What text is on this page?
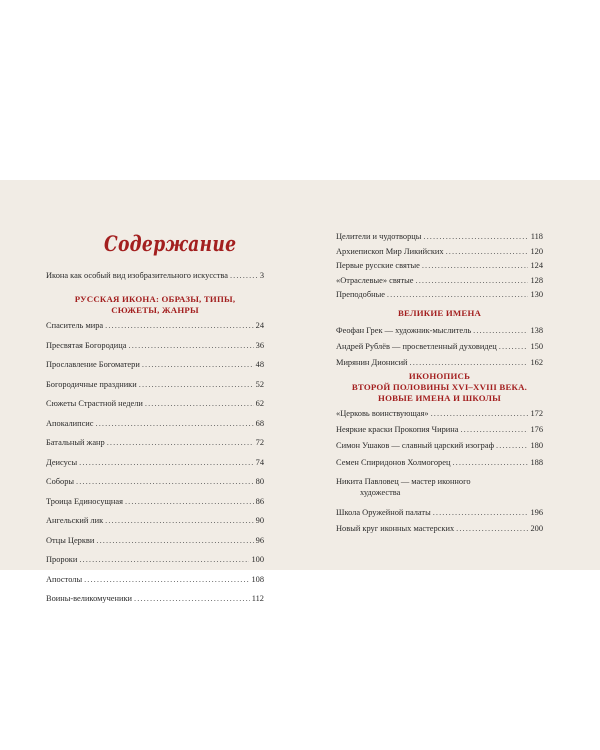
Содержание
Икона как особый вид изобразительного искусства . . .	3
РУССКАЯ ИКОНА: ОБРАЗЫ, ТИПЫ,
СЮЖЕТЫ, ЖАНРЫ
Спаситель мира . . .	24
Пресвятая Богородица . . .	36
Прославление Богоматери . . .	48
Богородичные праздники . . .	52
Сюжеты Страстной недели . . .	62
Апокалипсис . . .	68
Батальный жанр . . .	72
Деисусы . . .	74
Соборы . . .	80
Троица Единосущная . . .	86
Ангельский лик . . .	90
Отцы Церкви . . .	96
Пророки . . .	100
Апостолы . . .	108
Воины-великомученики . . .	112
Целители и чудотворцы . . .	118
Архиепископ Мир Ликийских . . .	120
Первые русские святые . . .	124
«Отраслевые» святые . . .	128
Преподобные . . .	130
ВЕЛИКИЕ ИМЕНА
Феофан Грек — художник-мыслитель . . .	138
Андрей Рублёв — просветленный духовидец . . .	150
Мирянин Дионисий . . .	162
ИКОНОПИСЬ
ВТОРОЙ ПОЛОВИНЫ XVI–XVIII ВЕКА.
НОВЫЕ ИМЕНА И ШКОЛЫ
«Церковь воинствующая» . . .	172
Неяркие краски Прокопия Чирина . . .	176
Симон Ушаков — славный царский изограф . . .	180
Семен Спиридонов Холмогорец . . .	188
Никита Павловец — мастер иконного
художества
Школа Оружейной палаты . . .	196
Новый круг иконных мастерских . . .	200
